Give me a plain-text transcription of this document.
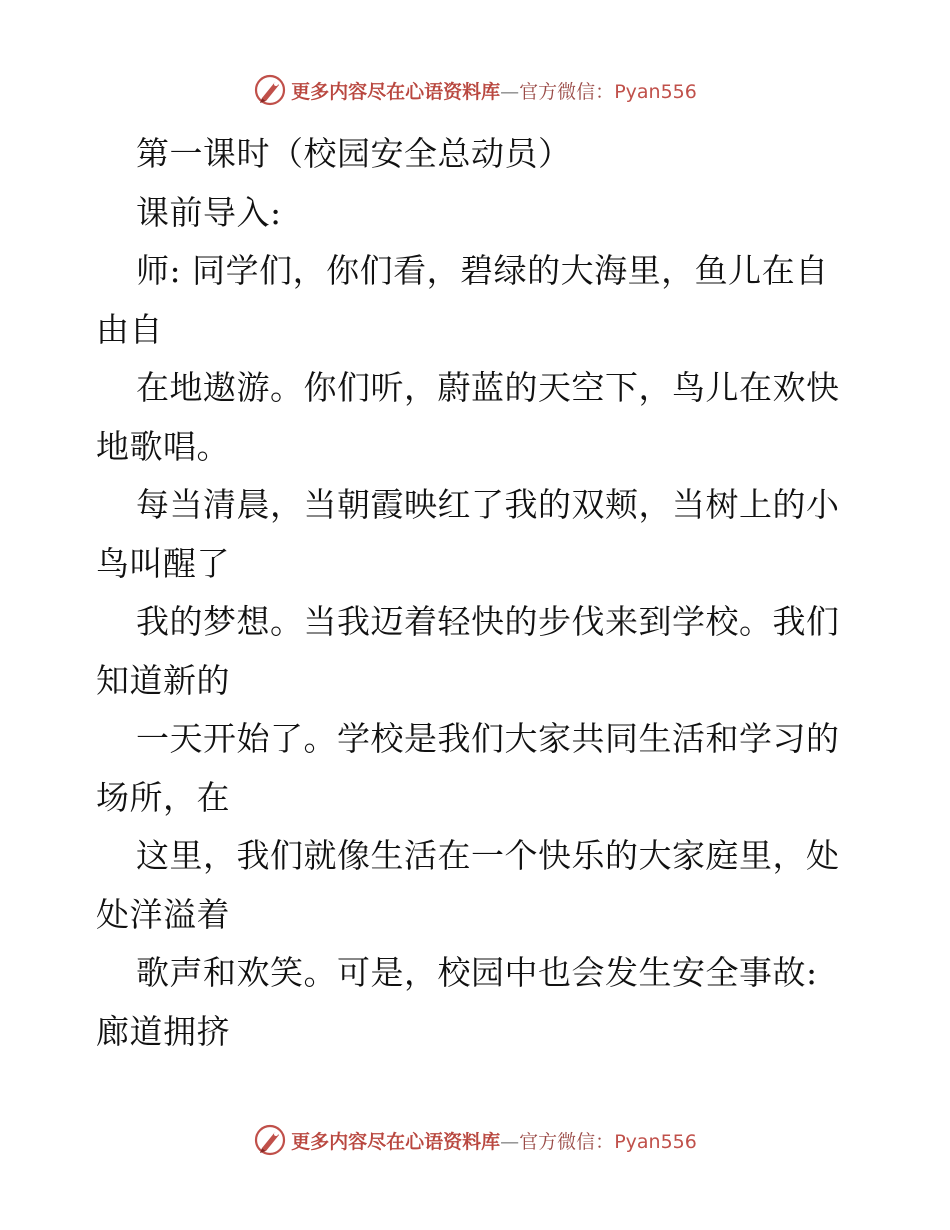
更多内容尽在心语资料库—官方微信：Pyan556
第一课时（校园安全总动员）
课前导入:
师: 同学们，你们看，碧绿的大海里，鱼儿在自
由自
在地遨游。你们听，蔚蓝的天空下，鸟儿在欢快
地歌唱。
每当清晨，当朝霞映红了我的双颊，当树上的小
鸟叫醒了
我的梦想。当我迈着轻快的步伐来到学校。我们
知道新的
一天开始了。学校是我们大家共同生活和学习的
场所，在
这里，我们就像生活在一个快乐的大家庭里，处
处洋溢着
歌声和欢笑。可是，校园中也会发生安全事故:
廊道拥挤
更多内容尽在心语资料库—官方微信：Pyan556
